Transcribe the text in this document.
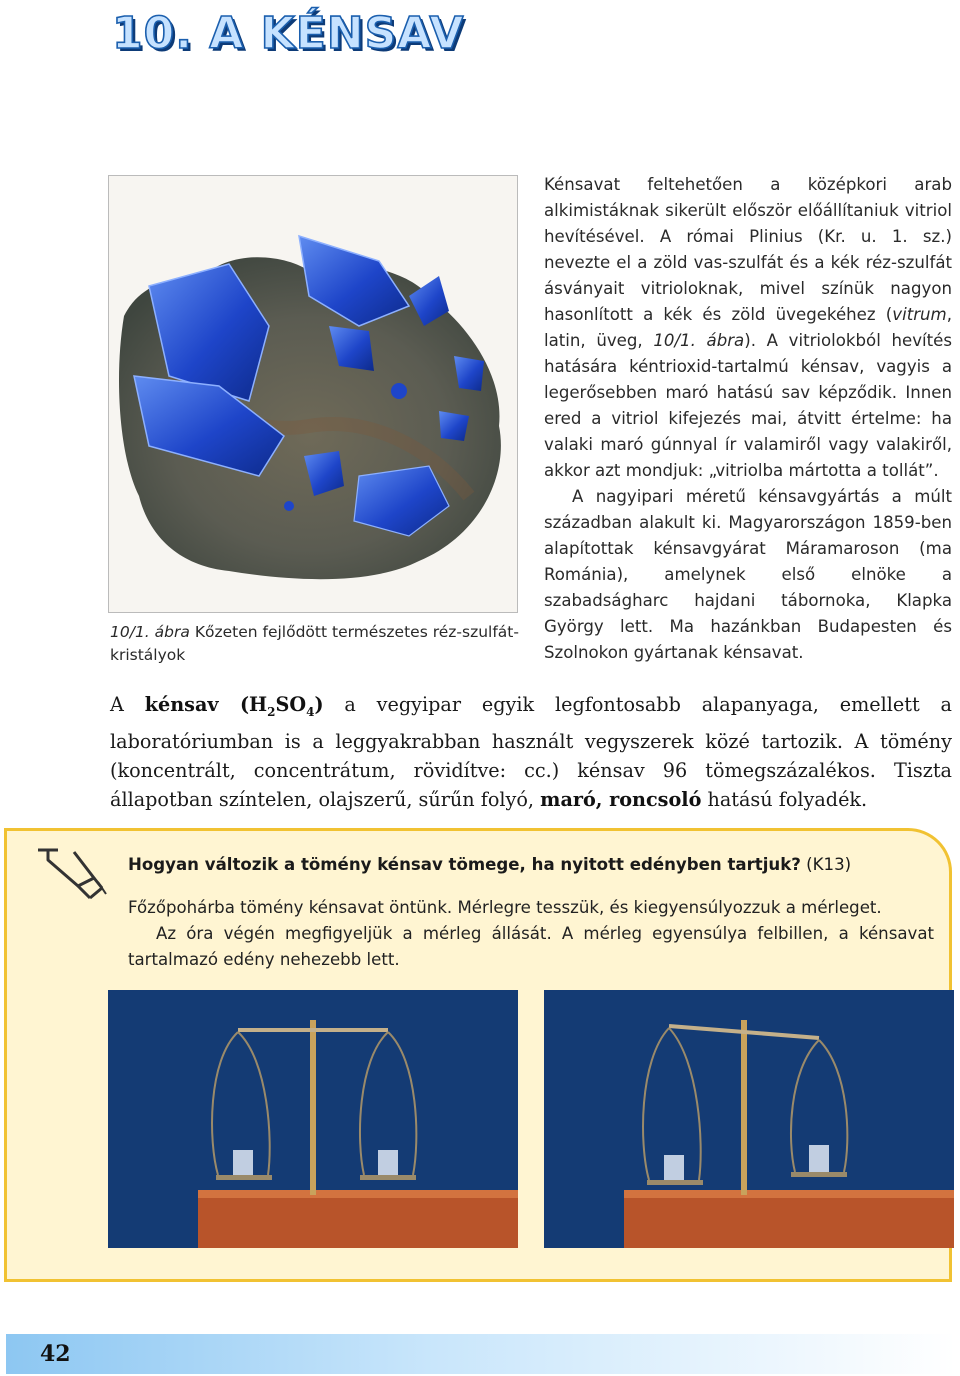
10. A KÉNSAV
10/1. ábra Kőzeten fejlődött természetes réz-szulfát-kristályok

Kénsavat feltehetően a középkori arab alkimistáknak sikerült először előállítaniuk vitriol hevítésével. A római Plinius (Kr. u. 1. sz.) nevezte el a zöld vas-szulfát és a kék réz-szulfát ásványait vitrioloknak, mivel színük nagyon hasonlított a kék és zöld üvegekéhez (vitrum, latin, üveg, 10/1. ábra). A vitriolokból hevítés hatására kéntrioxid-tartalmú kénsav, vagyis a legerősebben maró hatású sav képződik. Innen ered a vitriol kifejezés mai, átvitt értelme: ha valaki maró gúnnyal ír valamiről vagy valakiről, akkor azt mondjuk: „vitriolba mártotta a tollát”.

A nagyipari méretű kénsavgyártás a múlt században alakult ki. Magyarországon 1859-ben alapítottak kénsavgyárat Máramaroson (ma Románia), amelynek első elnöke a szabadságharc hajdani tábornoka, Klapka György lett. Ma hazánkban Budapesten és Szolnokon gyártanak kénsavat.

A kénsav $(H_2SO_4)$ a vegyipar egyik legfontosabb alapanyaga, emellett a laboratóriumban is a leggyakrabban használt vegyszerek közé tartozik. A tömény (koncentrált, concentrátum, rövidítve: cc.) kénsav 96 tömegszázalékos. Tiszta állapotban színtelen, olajszerű, sűrűn folyó, maró, roncsoló hatású folyadék.
Hogyan változik a tömény kénsav tömege, ha nyitott edényben tartjuk? (K13)

Főzőpohárba tömény kénsavat öntünk. Mérlegre tesszük, és kiegyensúlyozzuk a mérleget.

Az óra végén megfigyeljük a mérleg állását. A mérleg egyensúlya felbillen, a kénsavat tartalmazó edény nehezebb lett.

42
